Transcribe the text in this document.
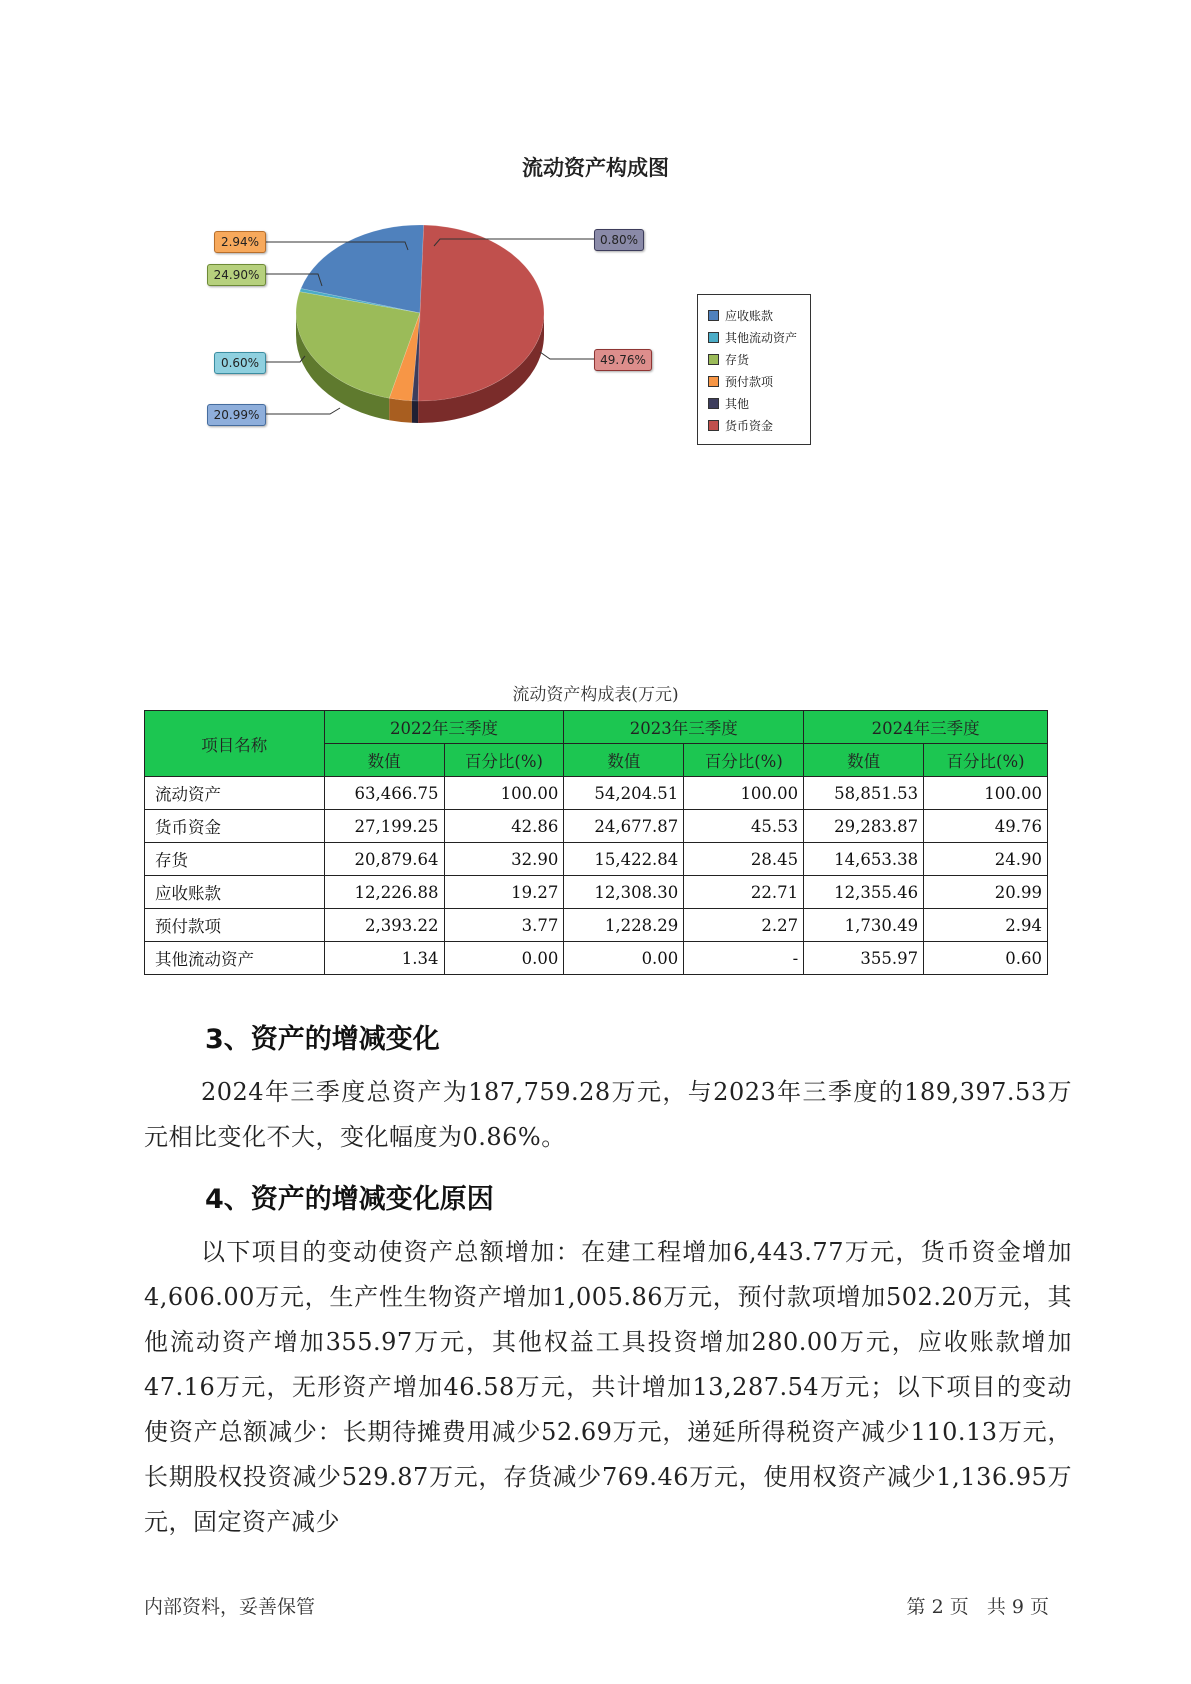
流动资产构成图
2.94%
24.90%
0.60%
20.99%
0.80%
49.76%
应收账款
其他流动资产
存货
预付款项
其他
货币资金
流动资产构成表(万元)
项目名称	2022年三季度		2023年三季度		2024年三季度	
	数值	百分比(%)	数值	百分比(%)	数值	百分比(%)
流动资产	63,466.75	100.00	54,204.51	100.00	58,851.53	100.00
货币资金	27,199.25	42.86	24,677.87	45.53	29,283.87	49.76
存货	20,879.64	32.90	15,422.84	28.45	14,653.38	24.90
应收账款	12,226.88	19.27	12,308.30	22.71	12,355.46	20.99
预付款项	2,393.22	3.77	1,228.29	2.27	1,730.49	2.94
其他流动资产	1.34	0.00	0.00	-	355.97	0.60
3、资产的增减变化

2024年三季度总资产为187,759.28万元，与2023年三季度的189,397.53万元相比变化不大，变化幅度为0.86%。

4、资产的增减变化原因

以下项目的变动使资产总额增加：在建工程增加6,443.77万元，货币资金增加4,606.00万元，生产性生物资产增加1,005.86万元，预付款项增加502.20万元，其他流动资产增加355.97万元，其他权益工具投资增加280.00万元，应收账款增加47.16万元，无形资产增加46.58万元，共计增加13,287.54万元；以下项目的变动使资产总额减少：长期待摊费用减少52.69万元，递延所得税资产减少110.13万元，长期股权投资减少529.87万元，存货减少769.46万元，使用权资产减少1,136.95万元，固定资产减少

内部资料，妥善保管	第 2 页   共 9 页
